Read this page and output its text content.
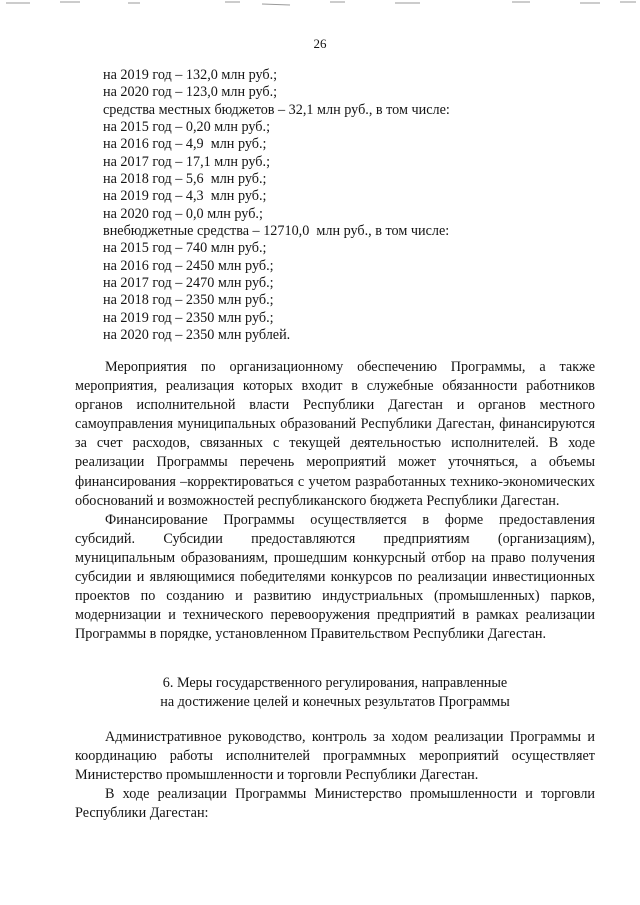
26
на 2019 год – 132,0 млн руб.;
на 2020 год – 123,0 млн руб.;
средства местных бюджетов – 32,1 млн руб., в том числе:
на 2015 год – 0,20 млн руб.;
на 2016 год – 4,9  млн руб.;
на 2017 год – 17,1 млн руб.;
на 2018 год – 5,6  млн руб.;
на 2019 год – 4,3  млн руб.;
на 2020 год – 0,0 млн руб.;
внебюджетные средства – 12710,0  млн руб., в том числе:
на 2015 год – 740 млн руб.;
на 2016 год – 2450 млн руб.;
на 2017 год – 2470 млн руб.;
на 2018 год – 2350 млн руб.;
на 2019 год – 2350 млн руб.;
на 2020 год – 2350 млн рублей.
Мероприятия по организационному обеспечению Программы, а также мероприятия, реализация которых входит в служебные обязанности работников органов исполнительной власти Республики Дагестан и органов местного самоуправления муниципальных образований Республики Дагестан, финансируются за счет расходов, связанных с текущей деятельностью исполнителей. В ходе реализации Программы перечень мероприятий может уточняться, а объемы финансирования –корректироваться с учетом разработанных технико-экономических обоснований и возможностей республиканского бюджета Республики Дагестан.
Финансирование Программы осуществляется в форме предоставления субсидий. Субсидии предоставляются предприятиям (организациям), муниципальным образованиям, прошедшим конкурсный отбор на право получения субсидии и являющимися победителями конкурсов по реализации инвестиционных проектов по созданию и развитию индустриальных (промышленных) парков, модернизации и технического перевооружения предприятий в рамках реализации Программы в порядке, установленном Правительством Республики Дагестан.
6. Меры государственного регулирования, направленные
на достижение целей и конечных результатов Программы
Административное руководство, контроль за ходом реализации Программы и координацию работы исполнителей программных мероприятий осуществляет Министерство промышленности и торговли Республики Дагестан.
В ходе реализации Программы Министерство промышленности и торговли Республики Дагестан:
